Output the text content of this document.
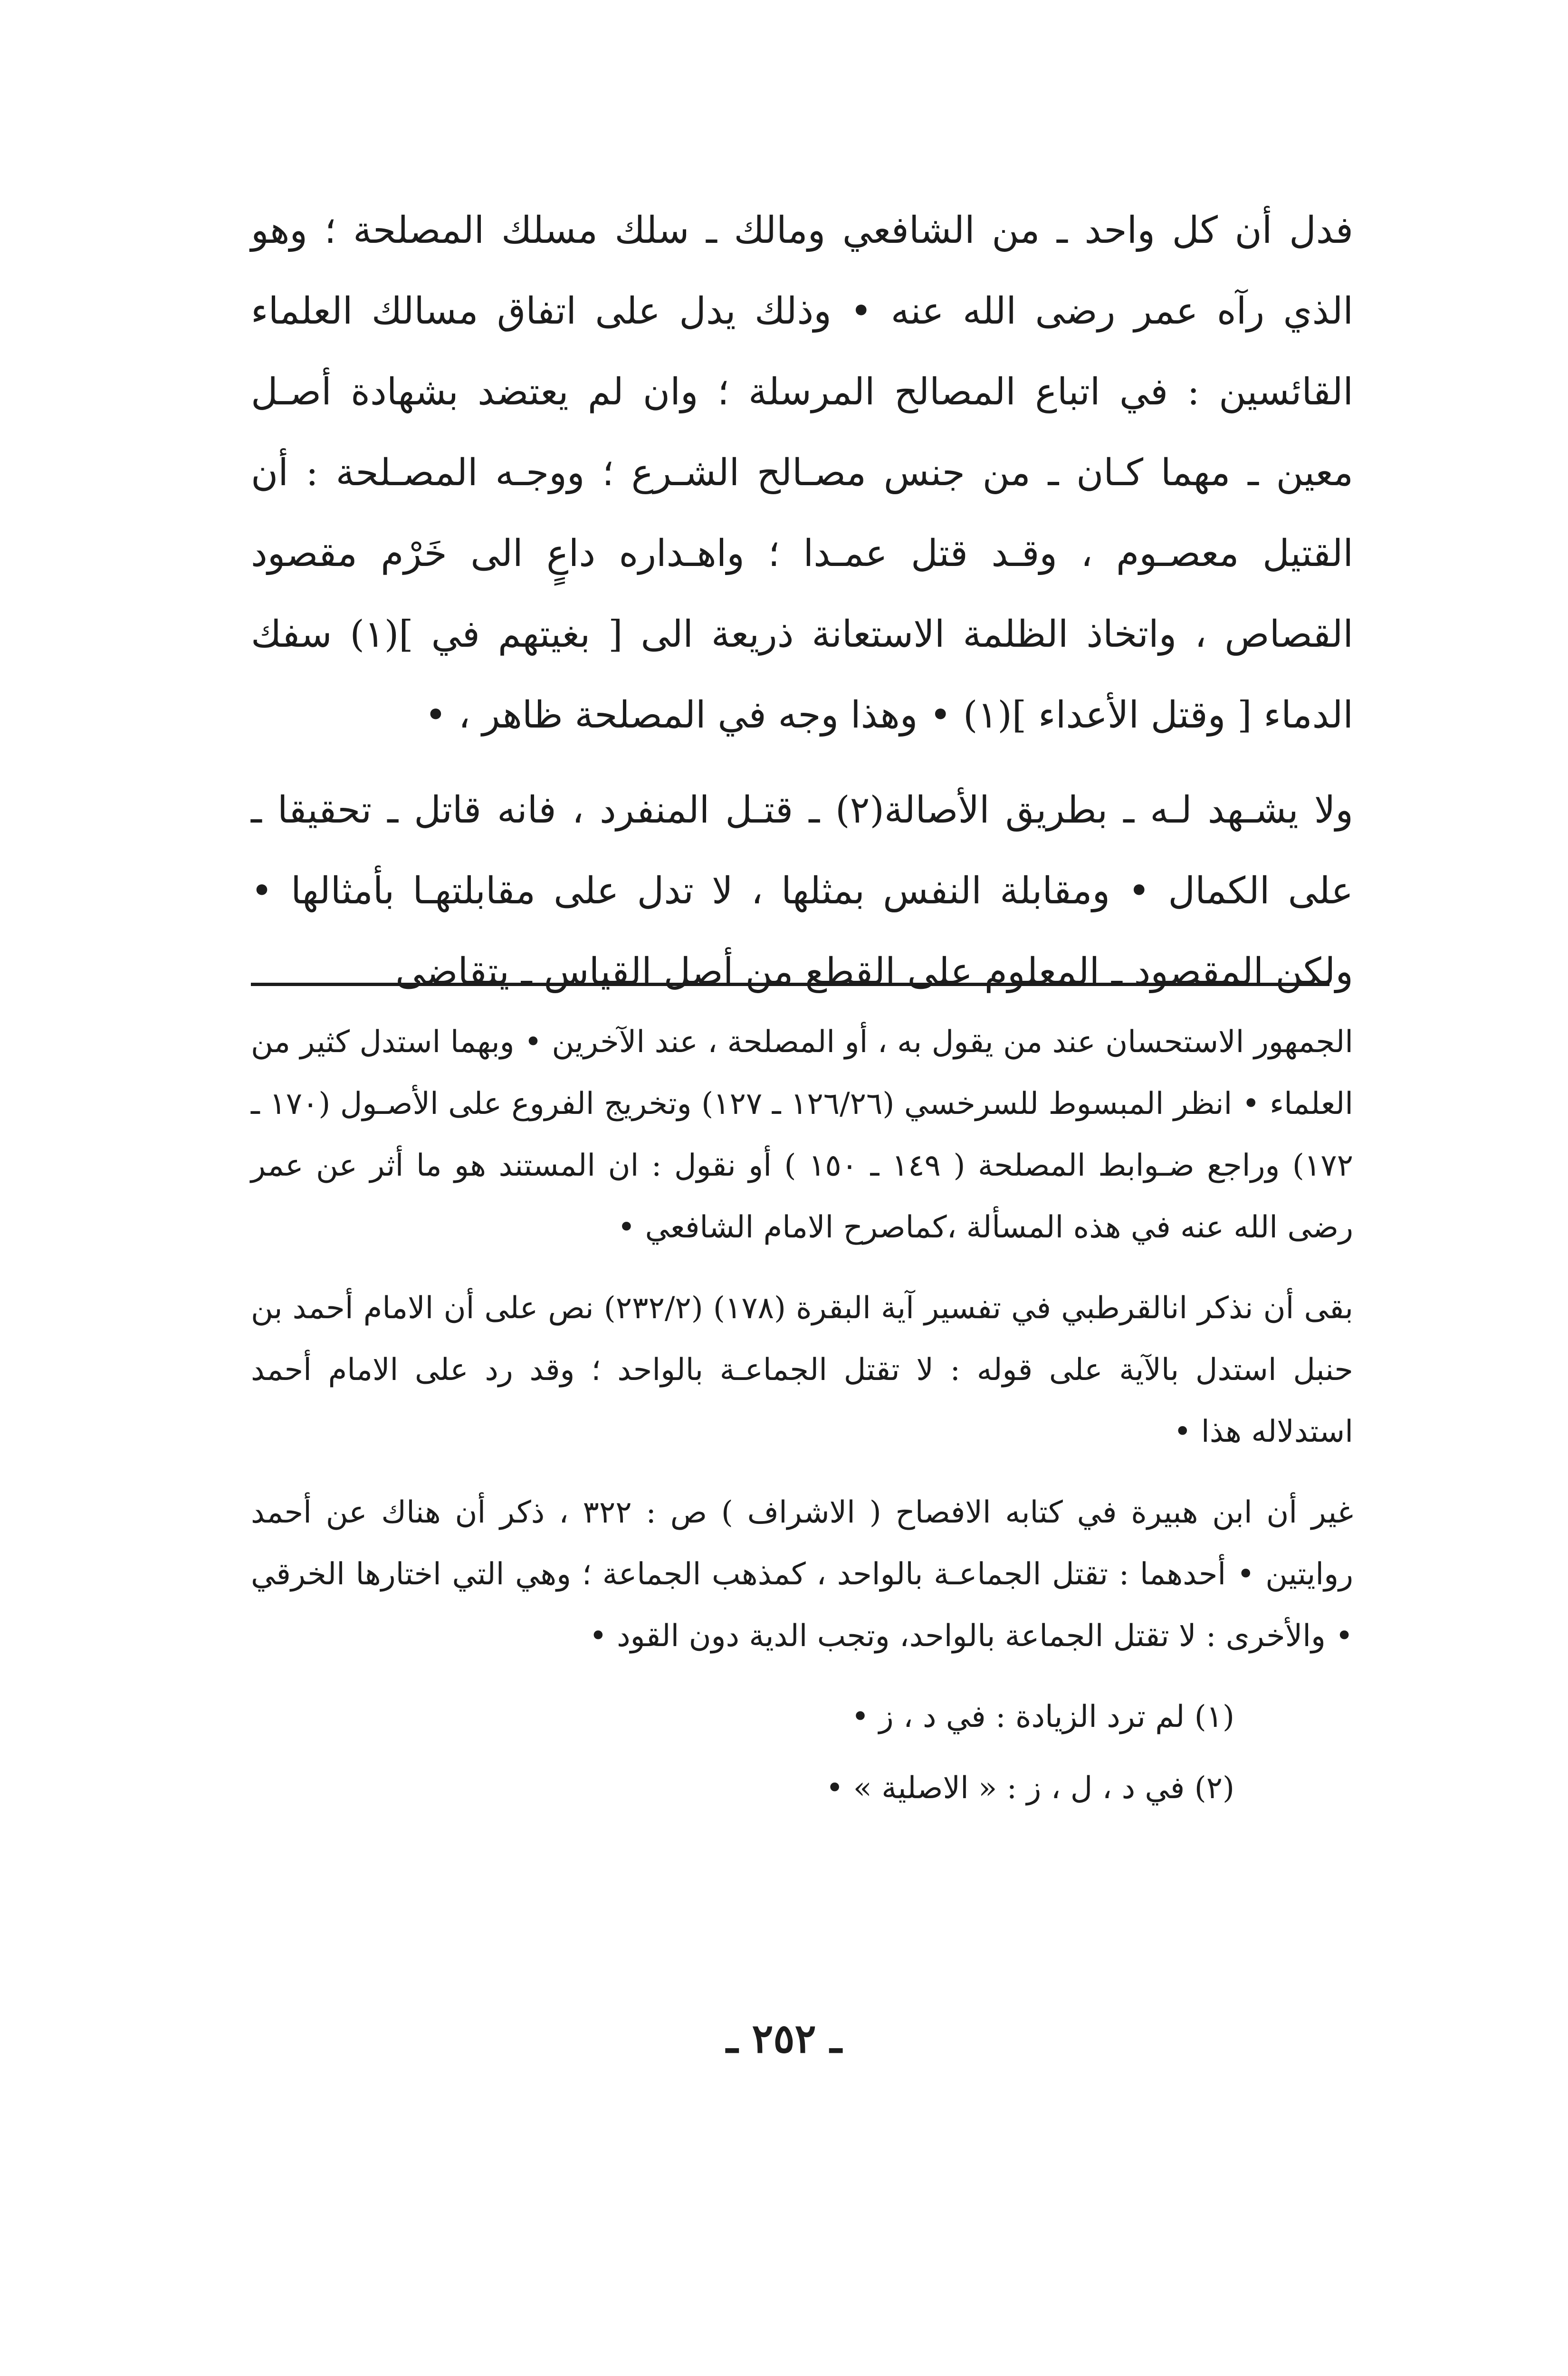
فدل أن كل واحد ـ من الشافعي ومالك ـ سلك مسلك المصلحة ؛ وهو الذي رآه عمر رضى الله عنه • وذلك يدل على اتفاق مسالك العلماء القائسين : في اتباع المصالح المرسلة ؛ وان لم يعتضد بشهادة أصـل معين ـ مهما كـان ـ من جنس مصـالح الشـرع ؛ ووجـه المصـلحة : أن القتيل معصـوم ، وقـد قتل عمـدا ؛ واهـداره داعٍ الى خَرْم مقصود القصاص ، واتخاذ الظلمة الاستعانة ذريعة الى [ بغيتهم في ](١) سفك الدماء [ وقتل الأعداء ](١) • وهذا وجه في المصلحة ظاهر ، •

ولا يشـهد لـه ـ بطريق الأصالة(٢) ـ قتـل المنفرد ، فانه قاتل ـ تحقيقا ـ على الكمال • ومقابلة النفس بمثلها ، لا تدل على مقابلتهـا بأمثالها • ولكن المقصود ـ المعلوم على القطع من أصل القياس ـ يتقاضى

الجمهور الاستحسان عند من يقول به ، أو المصلحة ، عند الآخرين • وبهما استدل كثير من العلماء • انظر المبسوط للسرخسي (١٢٦/٢٦ ـ ١٢٧) وتخريج الفروع على الأصـول (١٧٠ ـ ١٧٢) وراجع ضـوابط المصلحة ( ١٤٩ ـ ١٥٠ ) أو نقول : ان المستند هو ما أثر عن عمر رضى الله عنه في هذه المسألة ،كماصرح الامام الشافعي •

بقى أن نذكر انالقرطبي في تفسير آية البقرة (١٧٨) (٢٣٢/٢) نص على أن الامام أحمد بن حنبل استدل بالآية على قوله : لا تقتل الجماعـة بالواحد ؛ وقد رد على الامام أحمد استدلاله هذا •

غير أن ابن هبيرة في كتابه الافصاح ( الاشراف ) ص : ٣٢٢ ، ذكر أن هناك عن أحمد روايتين • أحدهما : تقتل الجماعـة بالواحد ، كمذهب الجماعة ؛ وهي التي اختارها الخرقي • والأخرى : لا تقتل الجماعة بالواحد، وتجب الدية دون القود •

(١) لم ترد الزيادة : في د ، ز •

(٢) في د ، ل ، ز : « الاصلية » •

ـ ٢٥٢ ـ
